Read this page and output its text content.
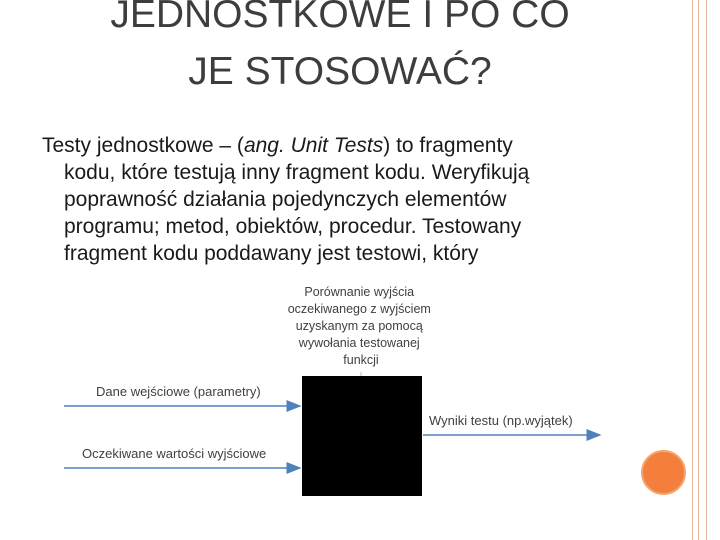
JEDNOSTKOWE I PO CO
JE STOSOWAĆ?
Testy jednostkowe – (ang. Unit Tests) to fragmenty
kodu, które testują inny fragment kodu. Weryfikują
poprawność działania pojedynczych elementów
programu; metod, obiektów, procedur. Testowany
fragment kodu poddawany jest testowi, który
Porównanie wyjścia oczekiwanego z wyjściem uzyskanym za pomocą wywołania testowanej funkcji
Dane wejściowe (parametry)
Oczekiwane wartości wyjściowe
Wyniki testu (np.wyjątek)
